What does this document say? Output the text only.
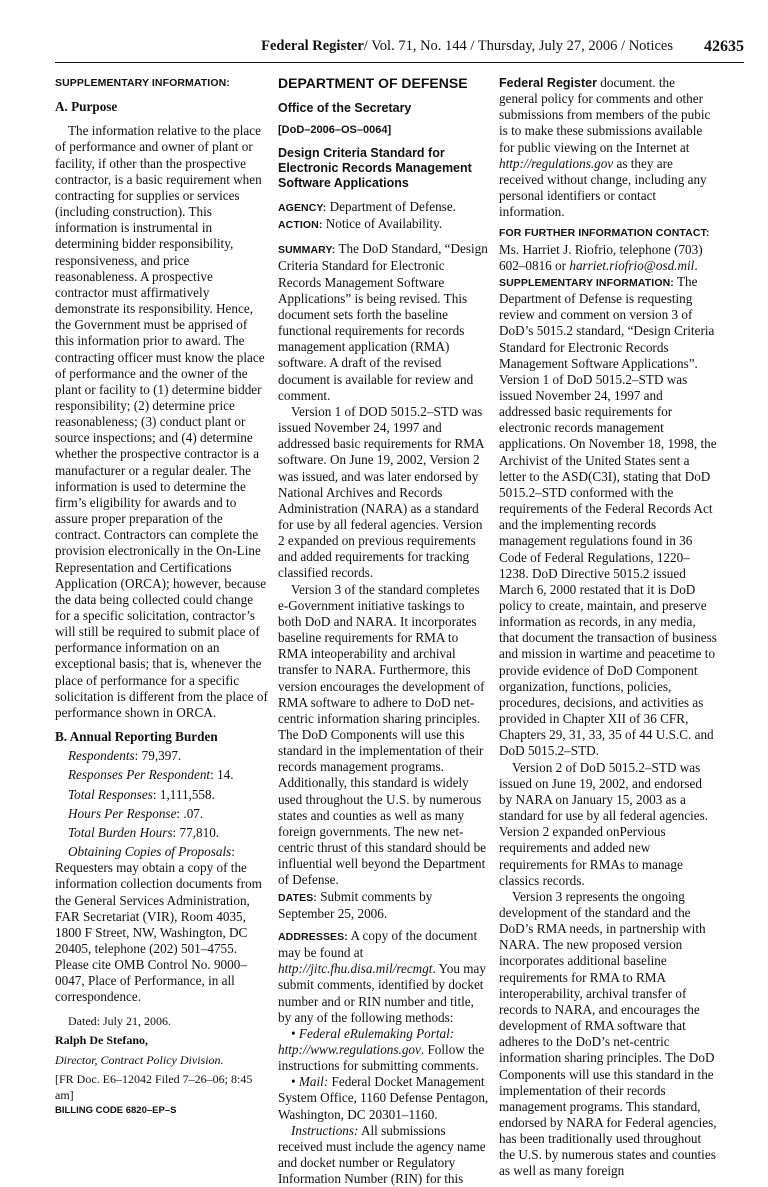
Federal Register/ Vol. 71, No. 144 / Thursday, July 27, 2006 / Notices 42635

SUPPLEMENTARY INFORMATION:

A. Purpose

The information relative to the place of performance and owner of plant or facility, if other than the prospective contractor, is a basic requirement when contracting for supplies or services (including construction). This information is instrumental in determining bidder responsibility, responsiveness, and price reasonableness. A prospective contractor must affirmatively demonstrate its responsibility. Hence, the Government must be apprised of this information prior to award. The contracting officer must know the place of performance and the owner of the plant or facility to (1) determine bidder responsibility; (2) determine price reasonableness; (3) conduct plant or source inspections; and (4) determine whether the prospective contractor is a manufacturer or a regular dealer. The information is used to determine the firm’s eligibility for awards and to assure proper preparation of the contract. Contractors can complete the provision electronically in the On-Line Representation and Certifications Application (ORCA); however, because the data being collected could change for a specific solicitation, contractor’s will still be required to submit place of performance information on an exceptional basis; that is, whenever the place of performance for a specific solicitation is different from the place of performance shown in ORCA.

B. Annual Reporting Burden

Respondents: 79,397.

Responses Per Respondent: 14.

Total Responses: 1,111,558.

Hours Per Response: .07.

Total Burden Hours: 77,810.

Obtaining Copies of Proposals: Requesters may obtain a copy of the information collection documents from the General Services Administration, FAR Secretariat (VIR), Room 4035, 1800 F Street, NW, Washington, DC 20405, telephone (202) 501–4755. Please cite OMB Control No. 9000–0047, Place of Performance, in all correspondence.

Dated: July 21, 2006.

Ralph De Stefano,

Director, Contract Policy Division.

[FR Doc. E6–12042 Filed 7–26–06; 8:45 am]

BILLING CODE 6820–EP–S

DEPARTMENT OF DEFENSE

Office of the Secretary

[DoD–2006–OS–0064]

Design Criteria Standard for Electronic Records Management Software Applications

AGENCY: Department of Defense.

ACTION: Notice of Availability.

SUMMARY: The DoD Standard, “Design Criteria Standard for Electronic Records Management Software Applications” is being revised. This document sets forth the baseline functional requirements for records management application (RMA) software. A draft of the revised document is available for review and comment.

Version 1 of DOD 5015.2–STD was issued November 24, 1997 and addressed basic requirements for RMA software. On June 19, 2002, Version 2 was issued, and was later endorsed by National Archives and Records Administration (NARA) as a standard for use by all federal agencies. Version 2 expanded on previous requirements and added requirements for tracking classified records.

Version 3 of the standard completes e-Government initiative taskings to both DoD and NARA. It incorporates baseline requirements for RMA to RMA inteoperability and archival transfer to NARA. Furthermore, this version encourages the development of RMA software to adhere to DoD net-centric information sharing principles. The DoD Components will use this standard in the implementation of their records management programs. Additionally, this standard is widely used throughout the U.S. by numerous states and counties as well as many foreign governments. The new net-centric thrust of this standard should be influential well beyond the Department of Defense.

DATES: Submit comments by September 25, 2006.

ADDRESSES: A copy of the document may be found at http://jitc.fhu.disa.mil/recmgt. You may submit comments, identified by docket number and or RIN number and title, by any of the following methods:

• Federal eRulemaking Portal: http://www.regulations.gov. Follow the instructions for submitting comments.

• Mail: Federal Docket Management System Office, 1160 Defense Pentagon, Washington, DC 20301–1160.

Instructions: All submissions received must include the agency name and docket number or Regulatory Information Number (RIN) for this

Federal Register document. the general policy for comments and other submissions from members of the pubic is to make these submissions available for public viewing on the Internet at http://regulations.gov as they are received without change, including any personal identifiers or contact information.

FOR FURTHER INFORMATION CONTACT: Ms. Harriet J. Riofrio, telephone (703) 602–0816 or harriet.riofrio@osd.mil.

SUPPLEMENTARY INFORMATION: The Department of Defense is requesting review and comment on version 3 of DoD’s 5015.2 standard, “Design Criteria Standard for Electronic Records Management Software Applications”. Version 1 of DoD 5015.2–STD was issued November 24, 1997 and addressed basic requirements for electronic records management applications. On November 18, 1998, the Archivist of the United States sent a letter to the ASD(C3I), stating that DoD 5015.2–STD conformed with the requirements of the Federal Records Act and the implementing records management regulations found in 36 Code of Federal Regulations, 1220–1238. DoD Directive 5015.2 issued March 6, 2000 restated that it is DoD policy to create, maintain, and preserve information as records, in any media, that document the transaction of business and mission in wartime and peacetime to provide evidence of DoD Component organization, functions, policies, procedures, decisions, and activities as provided in Chapter XII of 36 CFR, Chapters 29, 31, 33, 35 of 44 U.S.C. and DoD 5015.2–STD.

Version 2 of DoD 5015.2–STD was issued on June 19, 2002, and endorsed by NARA on January 15, 2003 as a standard for use by all federal agencies. Version 2 expanded onPervious requirements and added new requirements for RMAs to manage classics records.

Version 3 represents the ongoing development of the standard and the DoD’s RMA needs, in partnership with NARA. The new proposed version incorporates additional baseline requirements for RMA to RMA interoperability, archival transfer of records to NARA, and encourages the development of RMA software that adheres to the DoD’s net-centric information sharing principles. The DoD Components will use this standard in the implementation of their records management programs. This standard, endorsed by NARA for Federal agencies, has been traditionally used throughout the U.S. by numerous states and counties as well as many foreign
